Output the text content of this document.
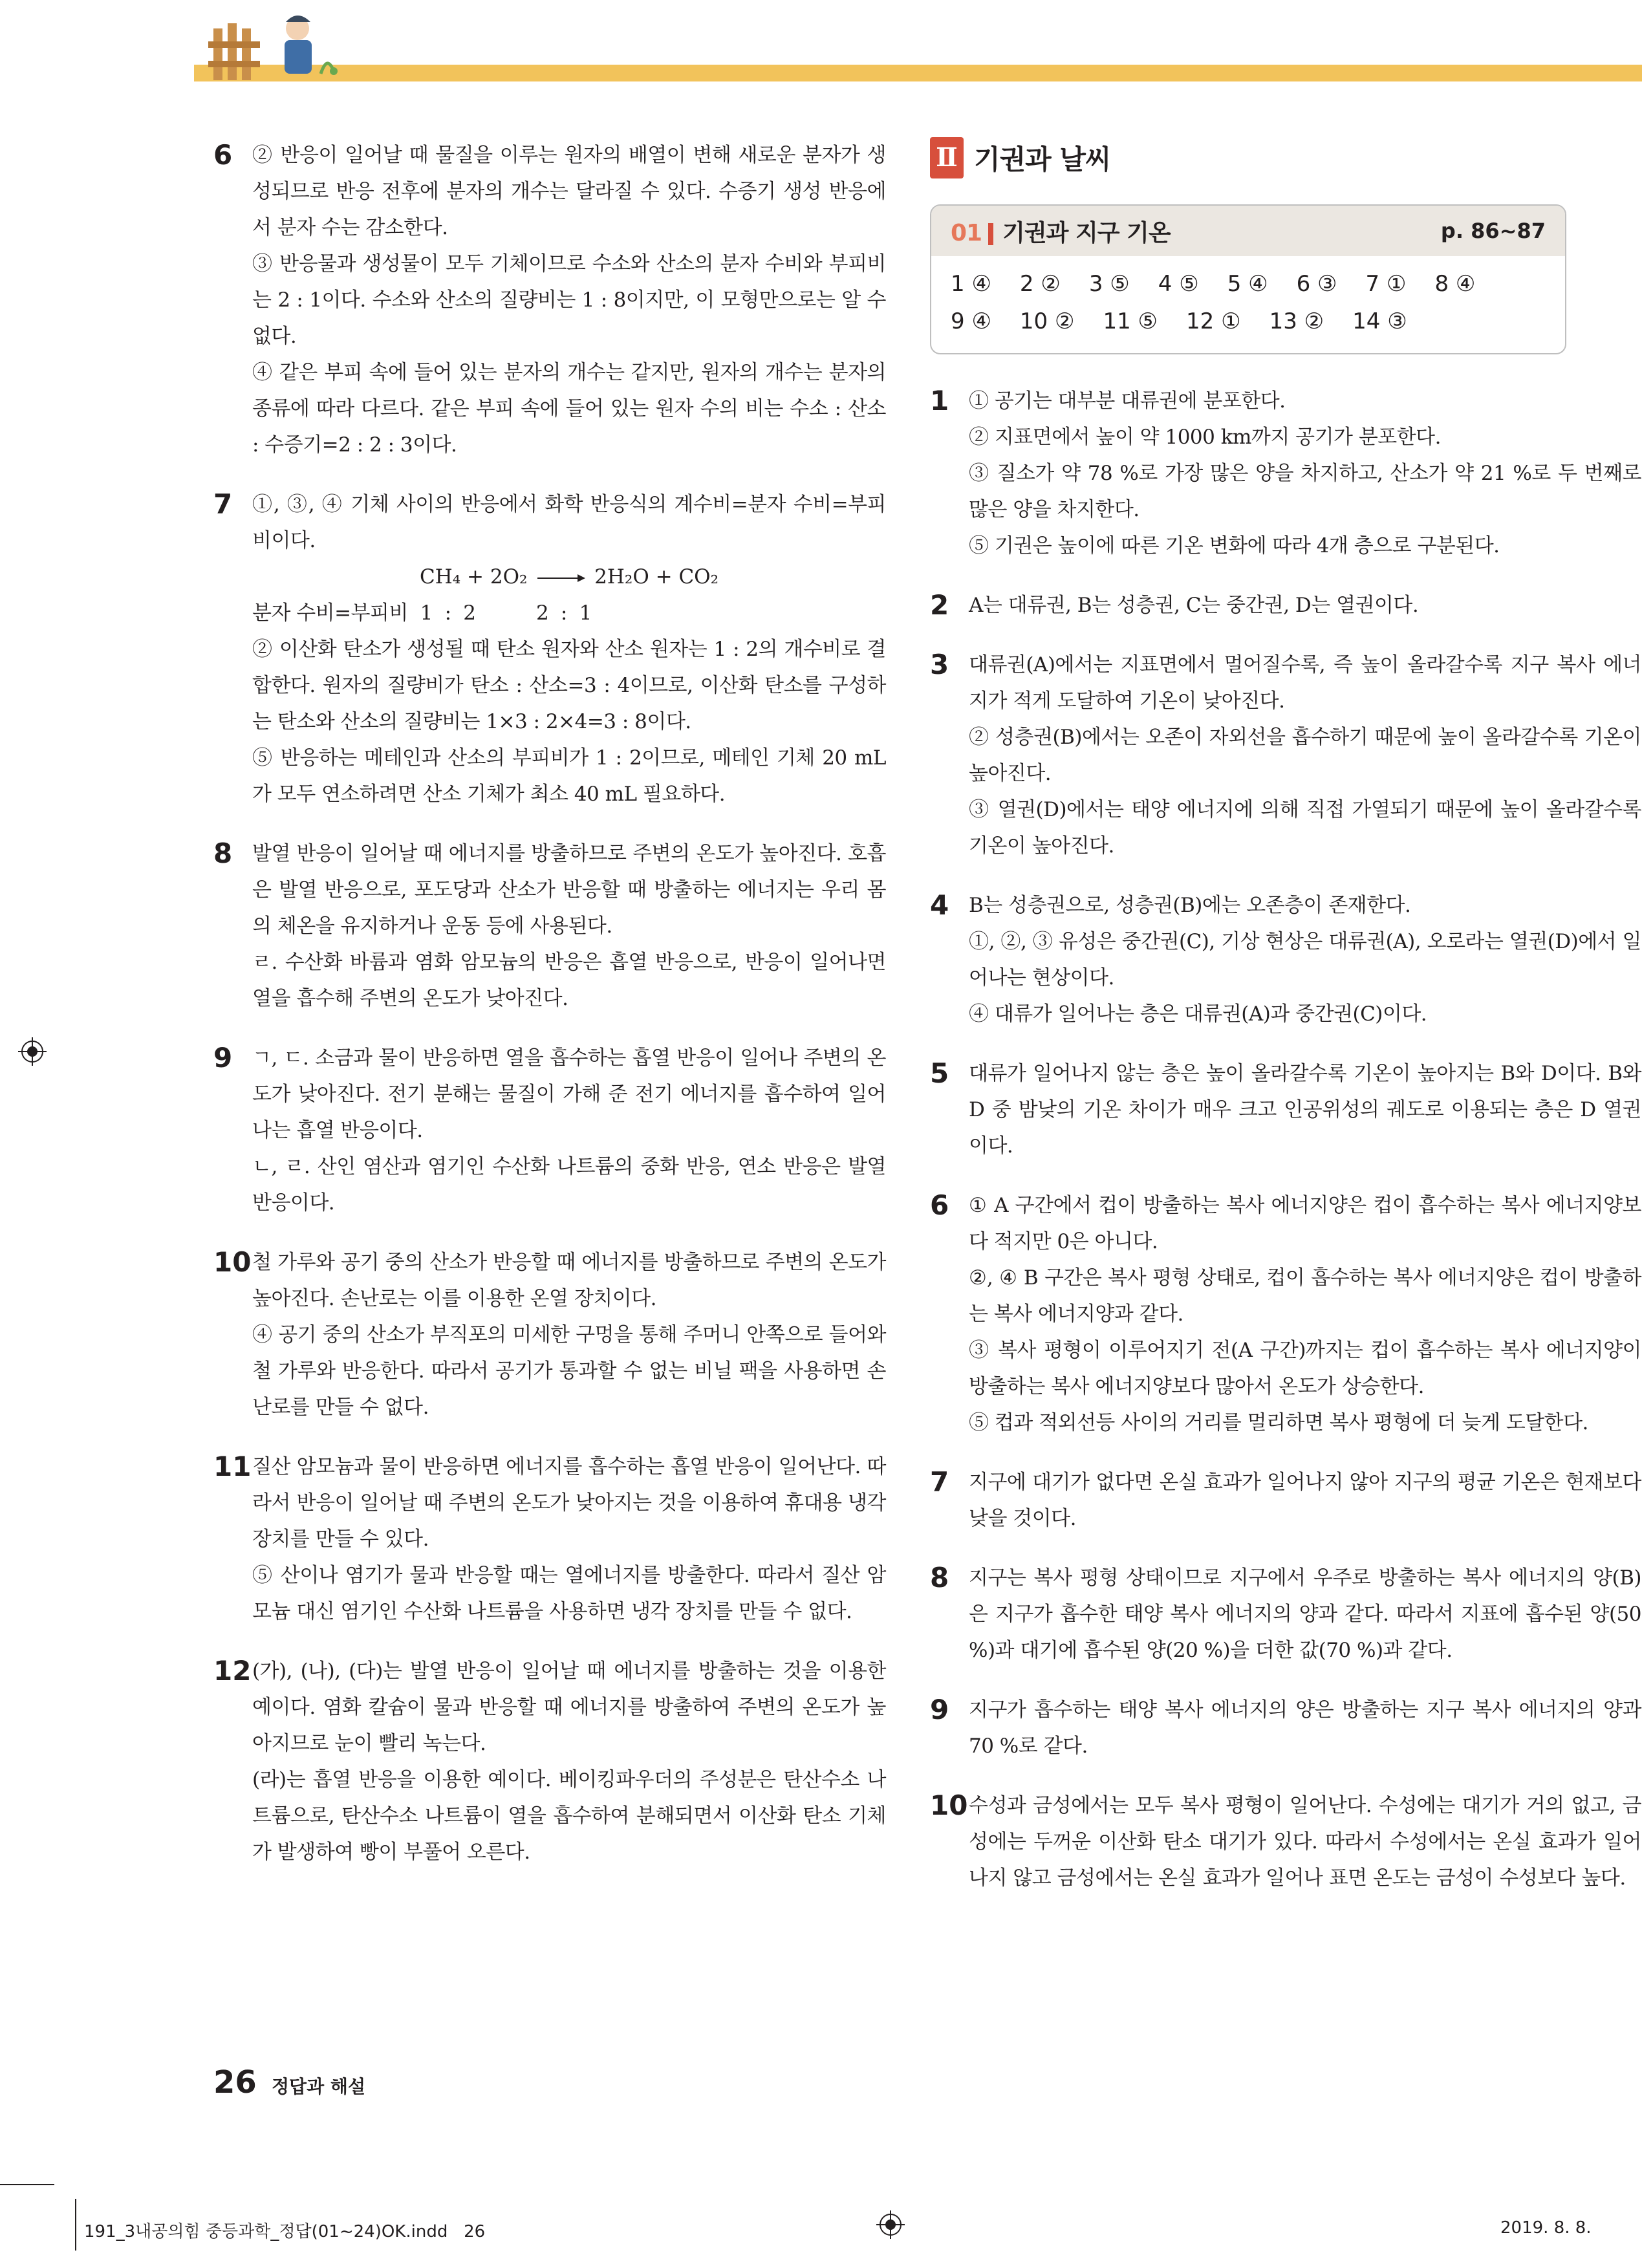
6 ② 반응이 일어날 때 물질을 이루는 원자의 배열이 변해 새로운 분자가 생성되므로 반응 전후에 분자의 개수는 달라질 수 있다. 수증기 생성 반응에서 분자 수는 감소한다.

③ 반응물과 생성물이 모두 기체이므로 수소와 산소의 분자 수비와 부피비는 2 : 1이다. 수소와 산소의 질량비는 1 : 8이지만, 이 모형만으로는 알 수 없다.

④ 같은 부피 속에 들어 있는 분자의 개수는 같지만, 원자의 개수는 분자의 종류에 따라 다르다. 같은 부피 속에 들어 있는 원자 수의 비는 수소 : 산소 : 수증기=2 : 2 : 3이다.

7 ①, ③, ④ 기체 사이의 반응에서 화학 반응식의 계수비=분자 수비=부피비이다.

CH₄ + 2O₂ → 2H₂O + CO₂

분자 수비=부피비  1  :  2          2  :  1

② 이산화 탄소가 생성될 때 탄소 원자와 산소 원자는 1 : 2의 개수비로 결합한다. 원자의 질량비가 탄소 : 산소=3 : 4이므로, 이산화 탄소를 구성하는 탄소와 산소의 질량비는 1×3 : 2×4=3 : 8이다.

⑤ 반응하는 메테인과 산소의 부피비가 1 : 2이므로, 메테인 기체 20 mL가 모두 연소하려면 산소 기체가 최소 40 mL 필요하다.

8 발열 반응이 일어날 때 에너지를 방출하므로 주변의 온도가 높아진다. 호흡은 발열 반응으로, 포도당과 산소가 반응할 때 방출하는 에너지는 우리 몸의 체온을 유지하거나 운동 등에 사용된다.

ㄹ. 수산화 바륨과 염화 암모늄의 반응은 흡열 반응으로, 반응이 일어나면 열을 흡수해 주변의 온도가 낮아진다.

9 ㄱ, ㄷ. 소금과 물이 반응하면 열을 흡수하는 흡열 반응이 일어나 주변의 온도가 낮아진다. 전기 분해는 물질이 가해 준 전기 에너지를 흡수하여 일어나는 흡열 반응이다.

ㄴ, ㄹ. 산인 염산과 염기인 수산화 나트륨의 중화 반응, 연소 반응은 발열 반응이다.

10 철 가루와 공기 중의 산소가 반응할 때 에너지를 방출하므로 주변의 온도가 높아진다. 손난로는 이를 이용한 온열 장치이다.

④ 공기 중의 산소가 부직포의 미세한 구멍을 통해 주머니 안쪽으로 들어와 철 가루와 반응한다. 따라서 공기가 통과할 수 없는 비닐 팩을 사용하면 손난로를 만들 수 없다.

11 질산 암모늄과 물이 반응하면 에너지를 흡수하는 흡열 반응이 일어난다. 따라서 반응이 일어날 때 주변의 온도가 낮아지는 것을 이용하여 휴대용 냉각 장치를 만들 수 있다.

⑤ 산이나 염기가 물과 반응할 때는 열에너지를 방출한다. 따라서 질산 암모늄 대신 염기인 수산화 나트륨을 사용하면 냉각 장치를 만들 수 없다.

12 (가), (나), (다)는 발열 반응이 일어날 때 에너지를 방출하는 것을 이용한 예이다. 염화 칼슘이 물과 반응할 때 에너지를 방출하여 주변의 온도가 높아지므로 눈이 빨리 녹는다.

(라)는 흡열 반응을 이용한 예이다. 베이킹파우더의 주성분은 탄산수소 나트륨으로, 탄산수소 나트륨이 열을 흡수하여 분해되면서 이산화 탄소 기체가 발생하여 빵이 부풀어 오른다.

Ⅱ 기권과 날씨
01 기권과 지구 기온	p. 86~87
1 ④ 2 ② 3 ⑤ 4 ⑤ 5 ④ 6 ③ 7 ① 8 ④
9 ④ 10 ② 11 ⑤ 12 ① 13 ② 14 ③
1 ① 공기는 대부분 대류권에 분포한다.

② 지표면에서 높이 약 1000 km까지 공기가 분포한다.

③ 질소가 약 78 %로 가장 많은 양을 차지하고, 산소가 약 21 %로 두 번째로 많은 양을 차지한다.

⑤ 기권은 높이에 따른 기온 변화에 따라 4개 층으로 구분된다.

2 A는 대류권, B는 성층권, C는 중간권, D는 열권이다.

3 대류권(A)에서는 지표면에서 멀어질수록, 즉 높이 올라갈수록 지구 복사 에너지가 적게 도달하여 기온이 낮아진다.

② 성층권(B)에서는 오존이 자외선을 흡수하기 때문에 높이 올라갈수록 기온이 높아진다.

③ 열권(D)에서는 태양 에너지에 의해 직접 가열되기 때문에 높이 올라갈수록 기온이 높아진다.

4 B는 성층권으로, 성층권(B)에는 오존층이 존재한다.

①, ②, ③ 유성은 중간권(C), 기상 현상은 대류권(A), 오로라는 열권(D)에서 일어나는 현상이다.

④ 대류가 일어나는 층은 대류권(A)과 중간권(C)이다.

5 대류가 일어나지 않는 층은 높이 올라갈수록 기온이 높아지는 B와 D이다. B와 D 중 밤낮의 기온 차이가 매우 크고 인공위성의 궤도로 이용되는 층은 D 열권이다.

6 ① A 구간에서 컵이 방출하는 복사 에너지양은 컵이 흡수하는 복사 에너지양보다 적지만 0은 아니다.

②, ④ B 구간은 복사 평형 상태로, 컵이 흡수하는 복사 에너지양은 컵이 방출하는 복사 에너지양과 같다.

③ 복사 평형이 이루어지기 전(A 구간)까지는 컵이 흡수하는 복사 에너지양이 방출하는 복사 에너지양보다 많아서 온도가 상승한다.

⑤ 컵과 적외선등 사이의 거리를 멀리하면 복사 평형에 더 늦게 도달한다.

7 지구에 대기가 없다면 온실 효과가 일어나지 않아 지구의 평균 기온은 현재보다 낮을 것이다.

8 지구는 복사 평형 상태이므로 지구에서 우주로 방출하는 복사 에너지의 양(B)은 지구가 흡수한 태양 복사 에너지의 양과 같다. 따라서 지표에 흡수된 양(50 %)과 대기에 흡수된 양(20 %)을 더한 값(70 %)과 같다.

9 지구가 흡수하는 태양 복사 에너지의 양은 방출하는 지구 복사 에너지의 양과 70 %로 같다.

10 수성과 금성에서는 모두 복사 평형이 일어난다. 수성에는 대기가 거의 없고, 금성에는 두꺼운 이산화 탄소 대기가 있다. 따라서 수성에서는 온실 효과가 일어나지 않고 금성에서는 온실 효과가 일어나 표면 온도는 금성이 수성보다 높다.

26 정답과 해설
191_3내공의힘 중등과학_정답(01~24)OK.indd   26	2019. 8. 8.
